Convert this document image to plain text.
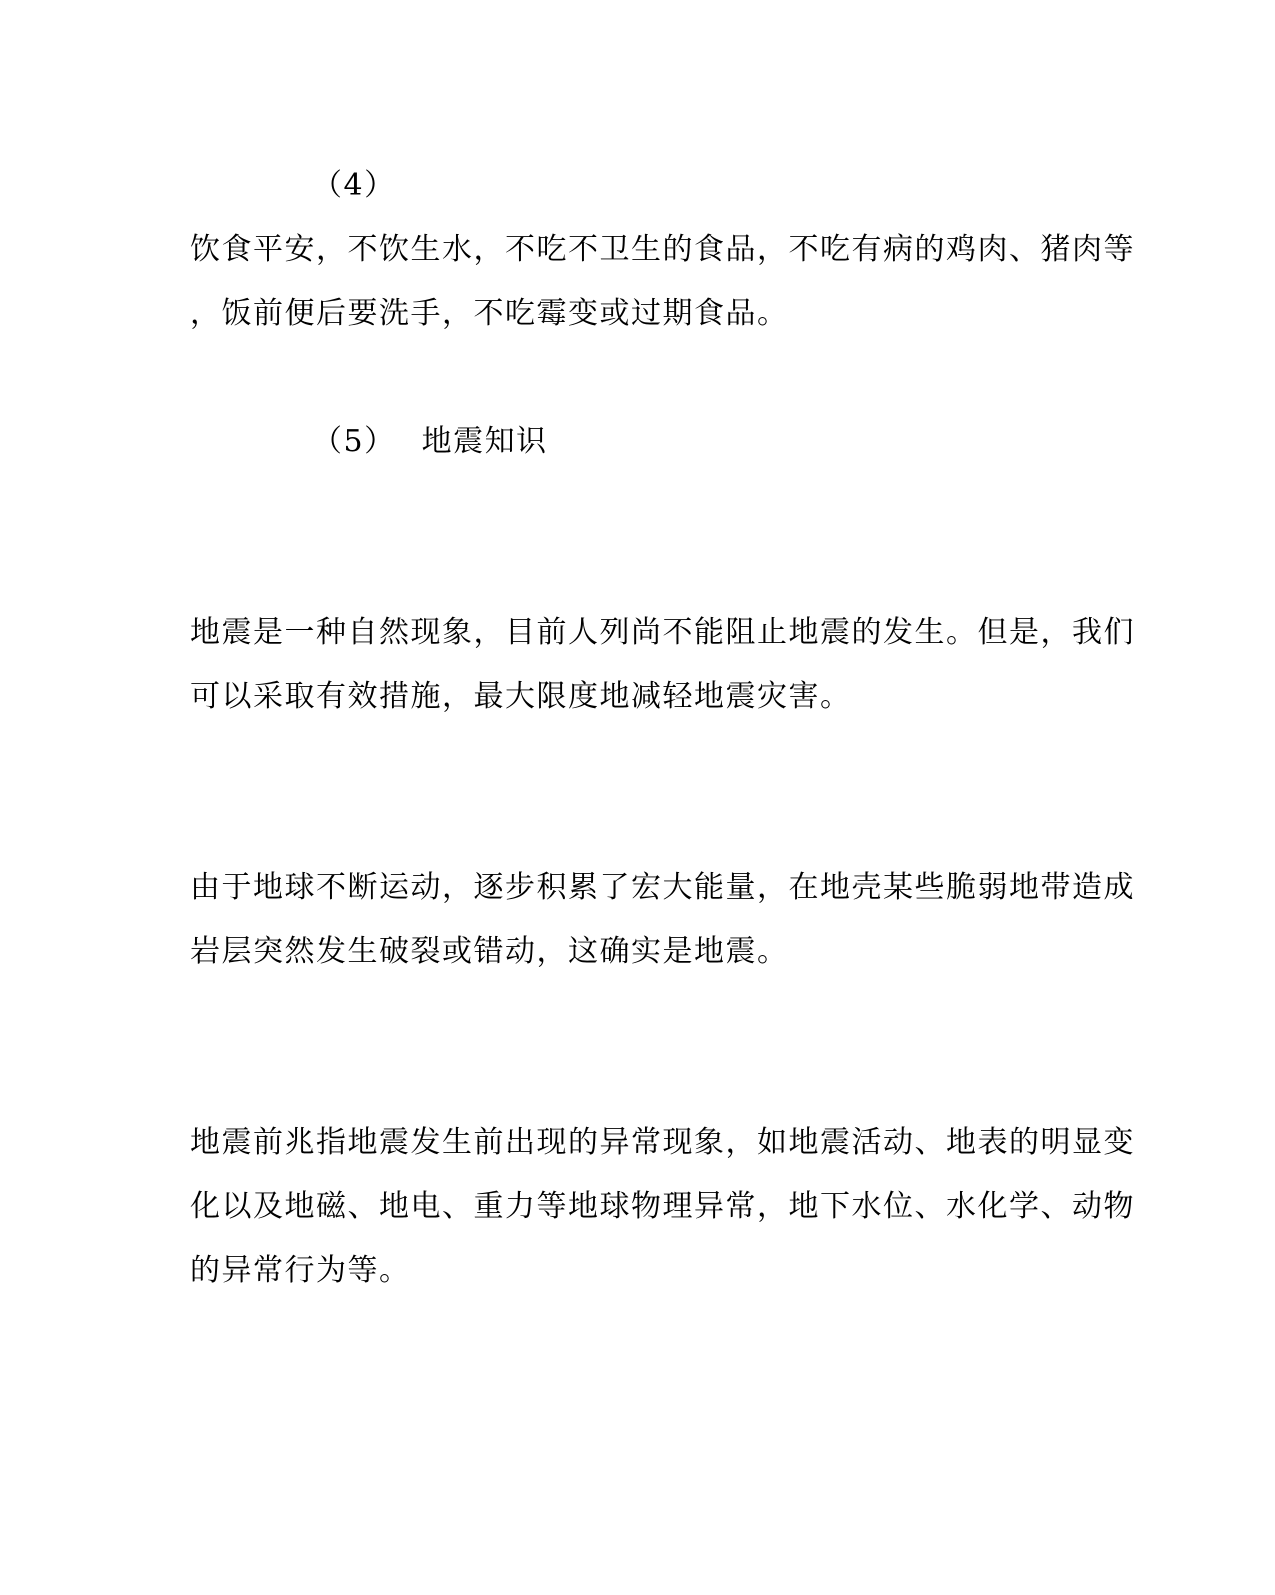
（4）
饮食平安，不饮生水，不吃不卫生的食品，不吃有病的鸡肉、猪肉等
，饭前便后要洗手，不吃霉变或过期食品。
（5） 地震知识
地震是一种自然现象，目前人列尚不能阻止地震的发生。但是，我们
可以采取有效措施，最大限度地减轻地震灾害。
由于地球不断运动，逐步积累了宏大能量，在地壳某些脆弱地带造成
岩层突然发生破裂或错动，这确实是地震。
地震前兆指地震发生前出现的异常现象，如地震活动、地表的明显变
化以及地磁、地电、重力等地球物理异常，地下水位、水化学、动物
的异常行为等。
